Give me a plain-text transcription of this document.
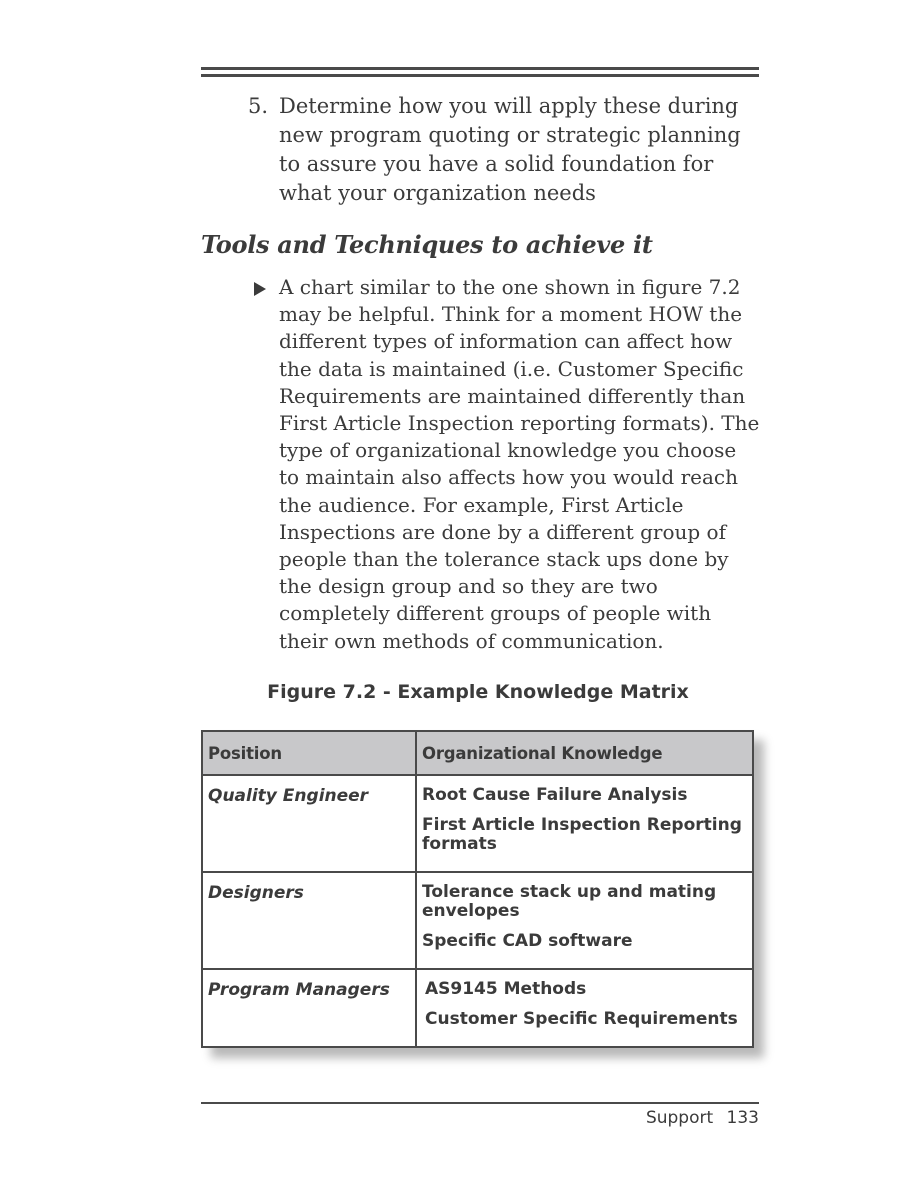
5. Determine how you will apply these during new program quoting or strategic planning to assure you have a solid foundation for what your organization needs
Tools and Techniques to achieve it
A chart similar to the one shown in figure 7.2 may be helpful. Think for a moment HOW the different types of information can affect how the data is maintained (i.e. Customer Specific Requirements are maintained differently than First Article Inspection reporting formats). The type of organizational knowledge you choose to maintain also affects how you would reach the audience. For example, First Article Inspections are done by a different group of people than the tolerance stack ups done by the design group and so they are two completely different groups of people with their own methods of communication.
Figure 7.2 - Example Knowledge Matrix
Position	Organizational Knowledge
Quality Engineer	Root Cause Failure Analysis
First Article Inspection Reporting formats

Designers	Tolerance stack up and mating envelopes
Specific CAD software

Program Managers	AS9145 Methods
Customer Specific Requirements
Support 133
